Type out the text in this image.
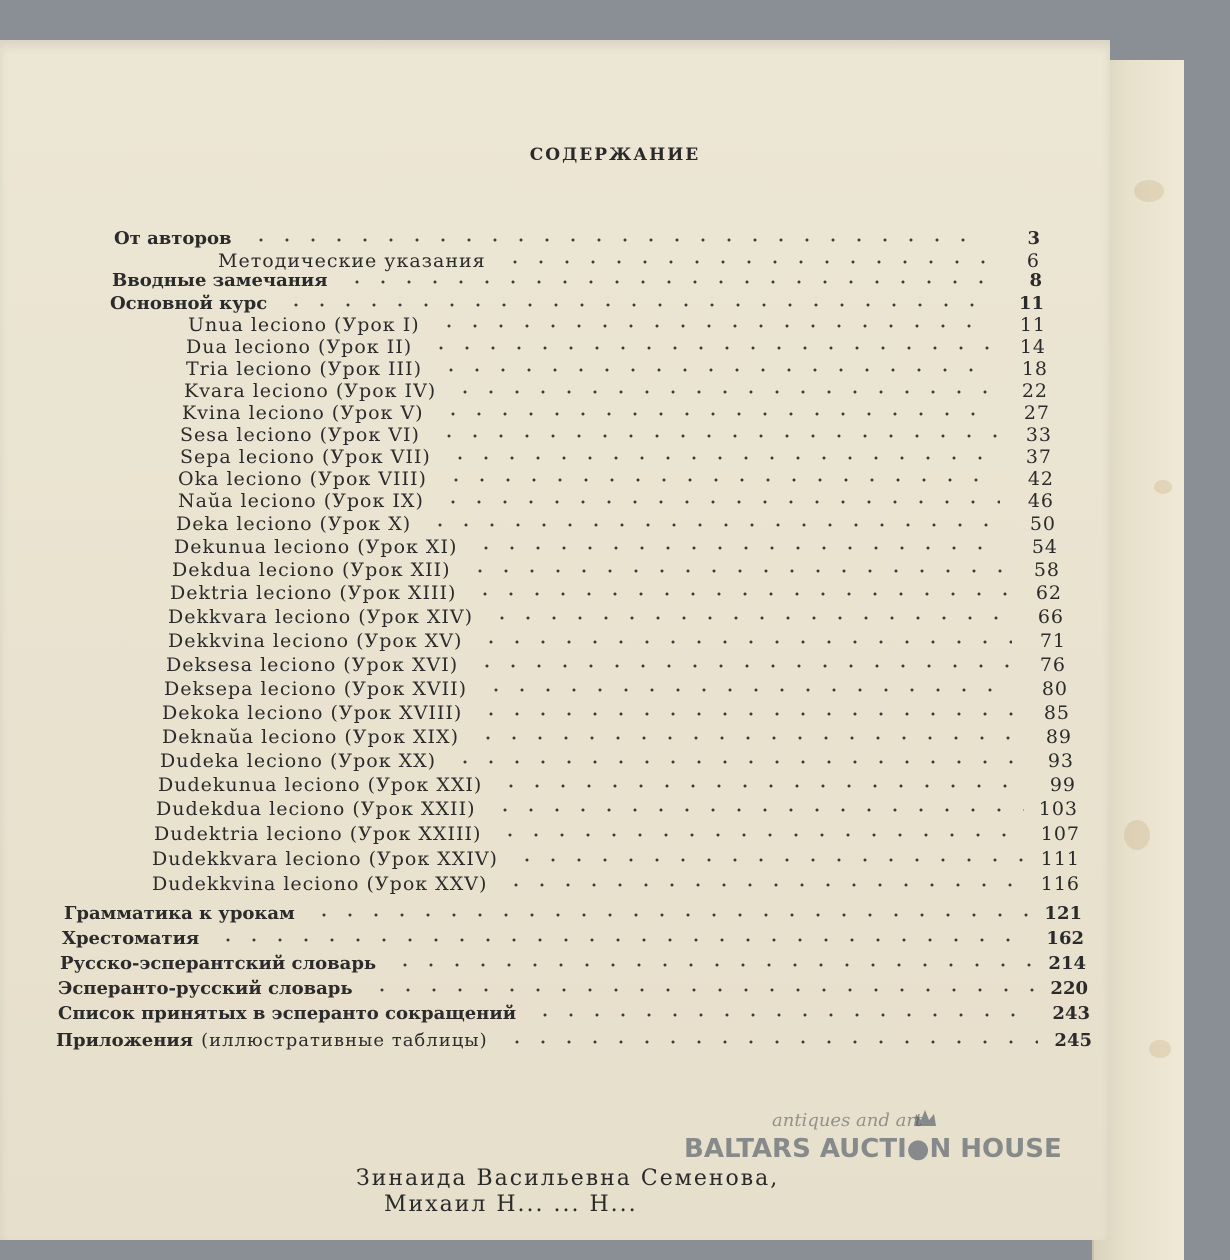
СОДЕРЖАНИЕ
От авторов	3
Методические указания	6
Вводные замечания	8
Основной курс	11
Unua leciono (Урок I)	11
Dua leciono (Урок II)	14
Tria leciono (Урок III)	18
Kvara leciono (Урок IV)	22
Kvina leciono (Урок V)	27
Sesa leciono (Урок VI)	33
Sepa leciono (Урок VII)	37
Oka leciono (Урок VIII)	42
Naŭa leciono (Урок IX)	46
Deka leciono (Урок X)	50
Dekunua leciono (Урок XI)	54
Dekdua leciono (Урок XII)	58
Dektria leciono (Урок XIII)	62
Dekkvara leciono (Урок XIV)	66
Dekkvina leciono (Урок XV)	71
Deksesa leciono (Урок XVI)	76
Deksepa leciono (Урок XVII)	80
Dekoka leciono (Урок XVIII)	85
Deknaŭa leciono (Урок XIX)	89
Dudeka leciono (Урок XX)	93
Dudekunua leciono (Урок XXI)	99
Dudekdua leciono (Урок XXII)	103
Dudektria leciono (Урок XXIII)	107
Dudekkvara leciono (Урок XXIV)	111
Dudekkvina leciono (Урок XXV)	116
Грамматика к урокам	121
Хрестоматия	162
Русско-эсперантский словарь	214
Эсперанто-русский словарь	220
Список принятых в эсперанто сокращений	243
Приложения (иллюстративные таблицы)	245
antiques and art
BALTARS AUCTI●N HOUSE
Зинаида Васильевна Семенова,
Михаил Н... ... Н...
